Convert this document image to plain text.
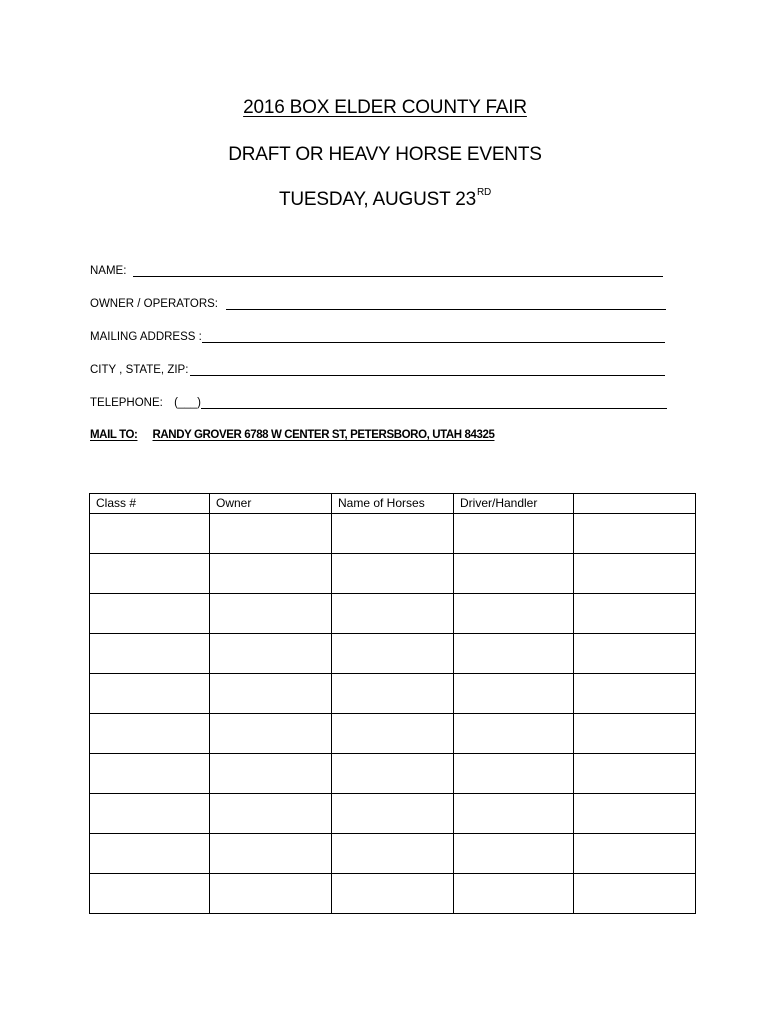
2016 BOX ELDER COUNTY FAIR
DRAFT OR HEAVY HORSE EVENTS
TUESDAY, AUGUST 23RD
NAME:
OWNER / OPERATORS:
MAILING ADDRESS :
CITY , STATE, ZIP:
TELEPHONE: (___)
MAIL TO: RANDY GROVER 6788 W CENTER ST, PETERSBORO, UTAH 84325
Class #	Owner	Name of Horses	Driver/Handler	
